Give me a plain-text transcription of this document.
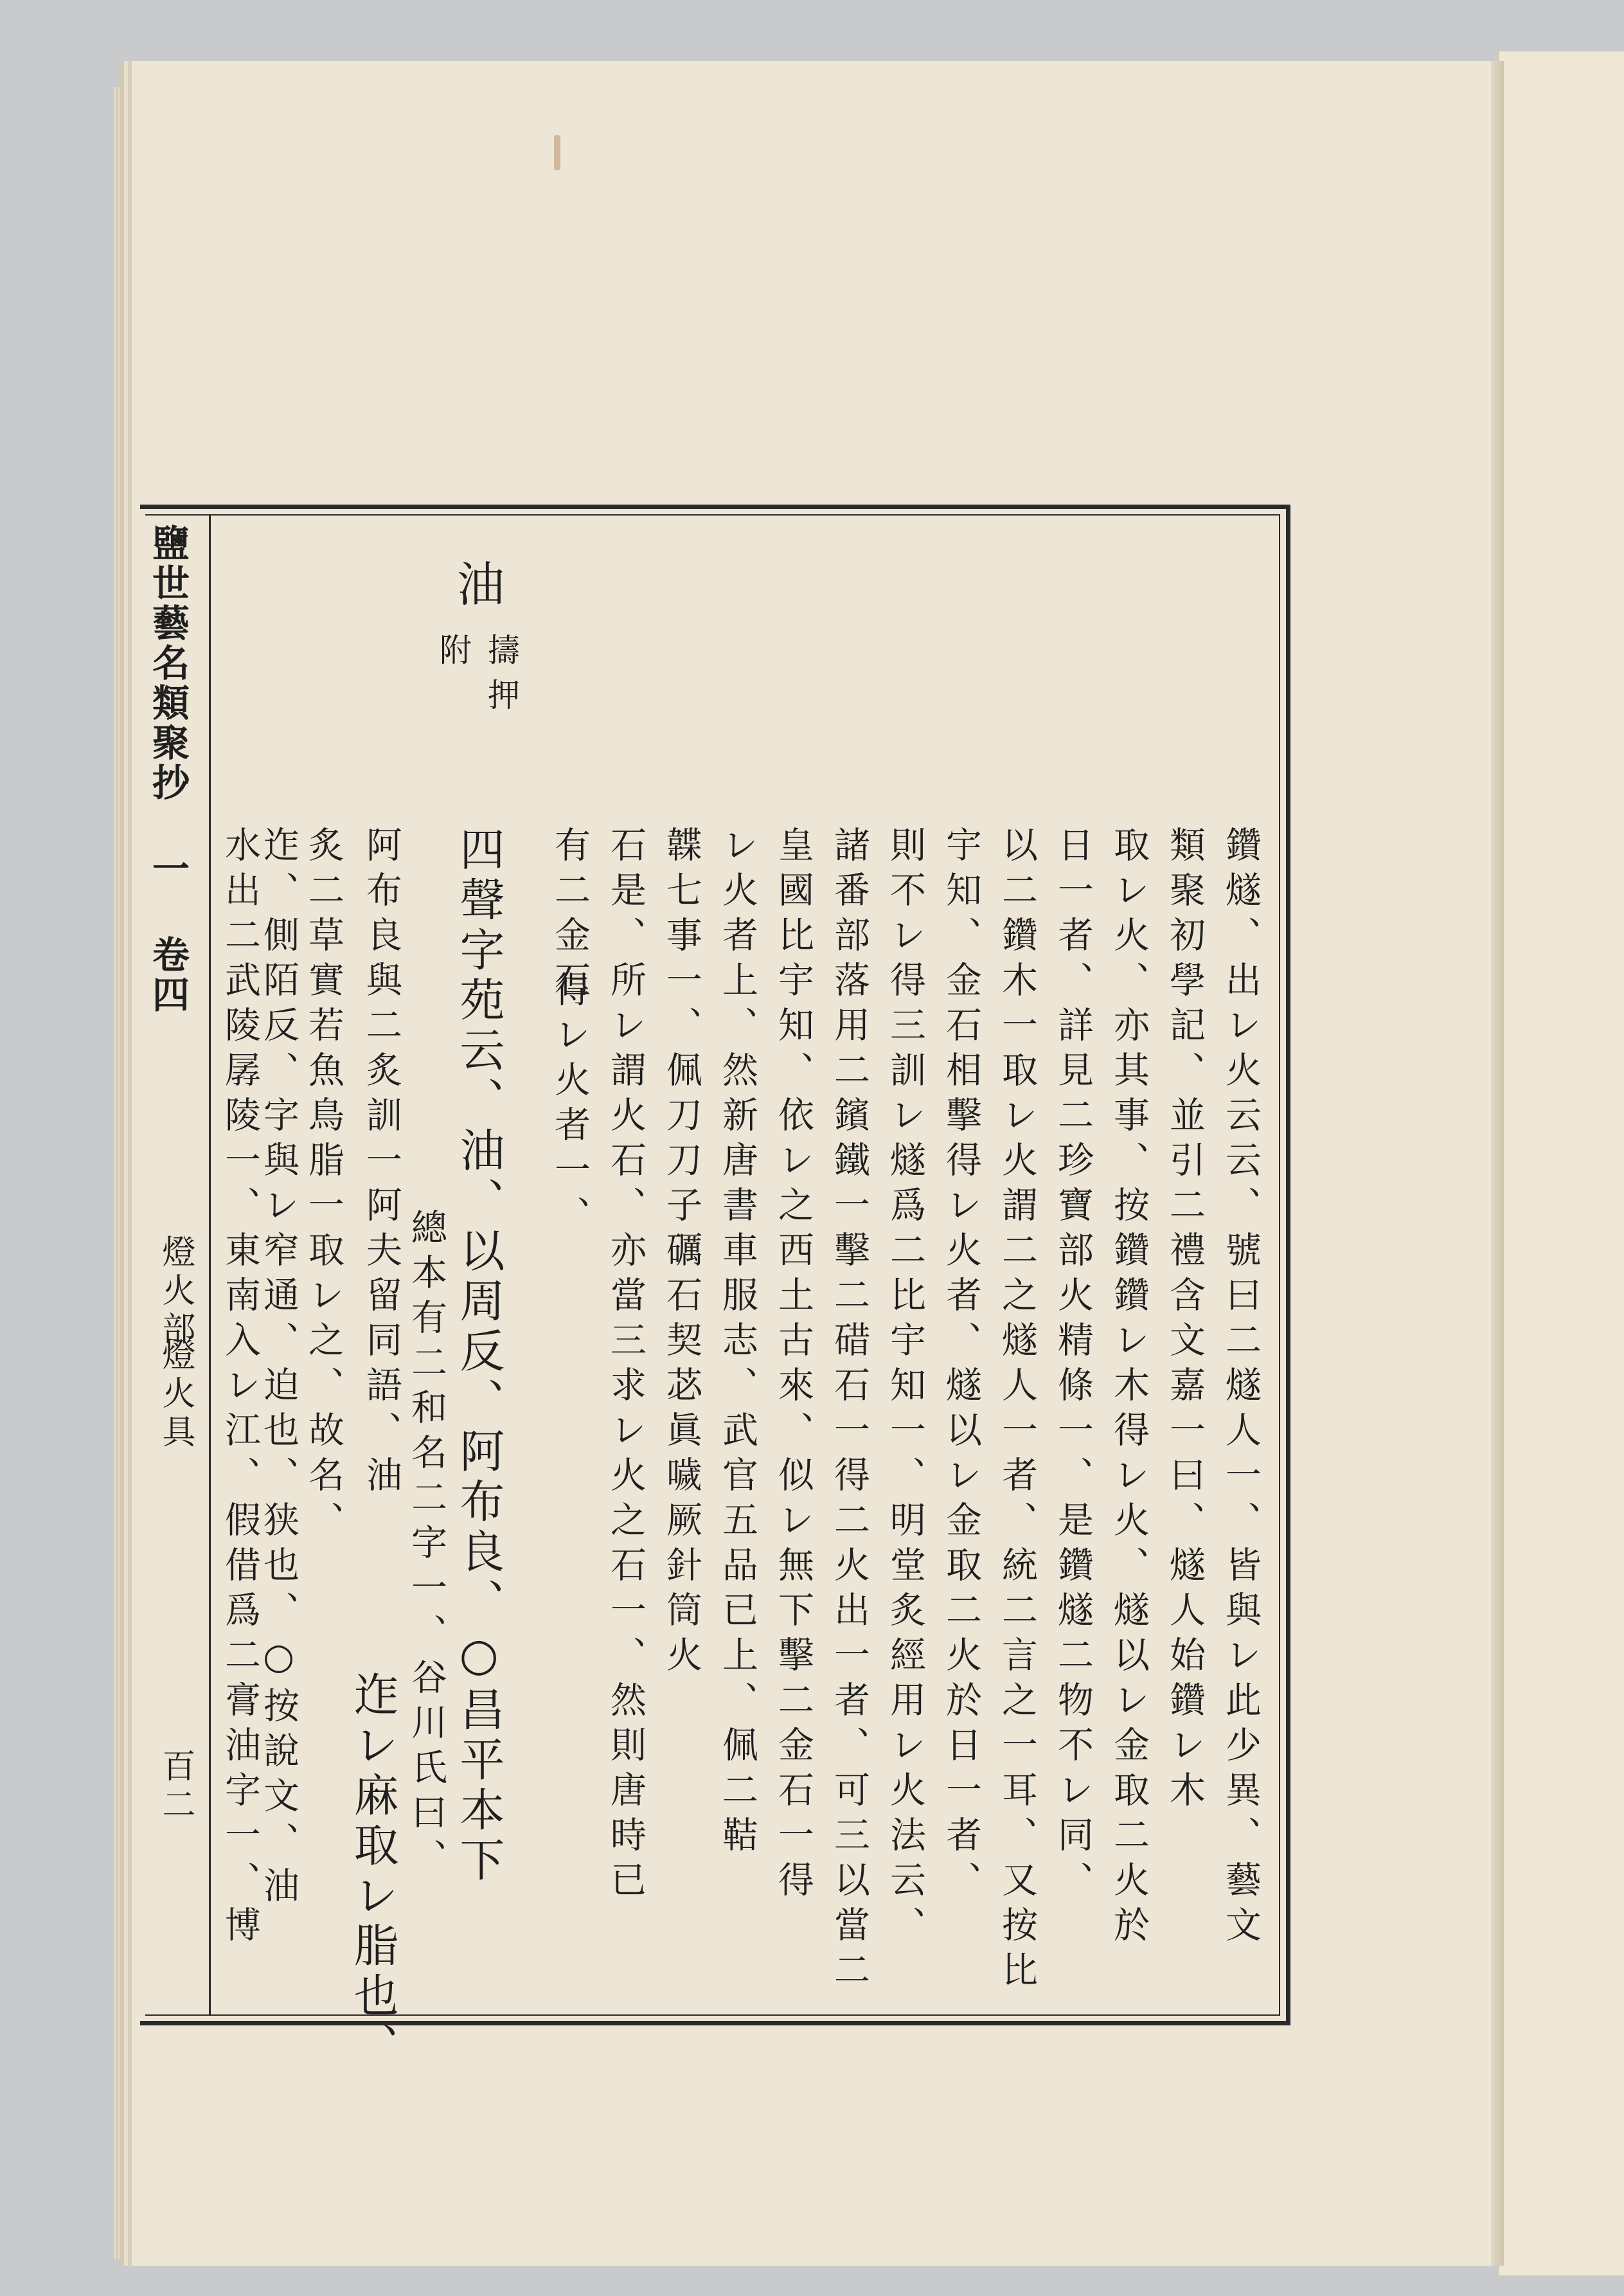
鹽世藝名類聚抄 一 卷四
燈火部
燈火具
百二	鑽燧、出レ火云云、號曰二燧人一、皆與レ此少異、藝文
類聚初學記、並引二禮含文嘉一曰、燧人始鑽レ木
取レ火、亦其事、按鑽鑽レ木得レ火、燧以レ金取二火於
日一者、詳見二珍寶部火精條一、是鑽燧二物不レ同、
以二鑽木一取レ火謂二之燧人一者、統二言之一耳、又按比
宇知、金石相擊得レ火者、燧以レ金取二火於日一者、
則不レ得三訓レ燧爲二比宇知一、明堂炙經用レ火法云、
諸番部落用二鑌鐵一擊二碏石一得二火出一者、可三以當二
皇國比宇知、依レ之西土古來、似レ無下擊二金石一得
レ火者上、然新唐書車服志、武官五品已上、佩二鞊
韘七事一、佩刀刀子礪石契苾眞噦厥針筒火
石是、所レ謂火石、亦當三求レ火之石一、然則唐時已
有二金石
得レ火者一、
油
擣押
附
四聲字苑云、油、以周反、阿布良、○昌平本下
總本有二和名二字一、谷川氏曰、
阿布良與二炙訓一阿夫留同語、油
迮レ麻取レ脂也、
炙二草實若魚鳥脂一取レ之、故名、
迮、側陌反、字與レ窄通、迫也、狭也、○按說文、油
水出二武陵孱陵一、東南入レ江、假借爲二膏油字一、博
